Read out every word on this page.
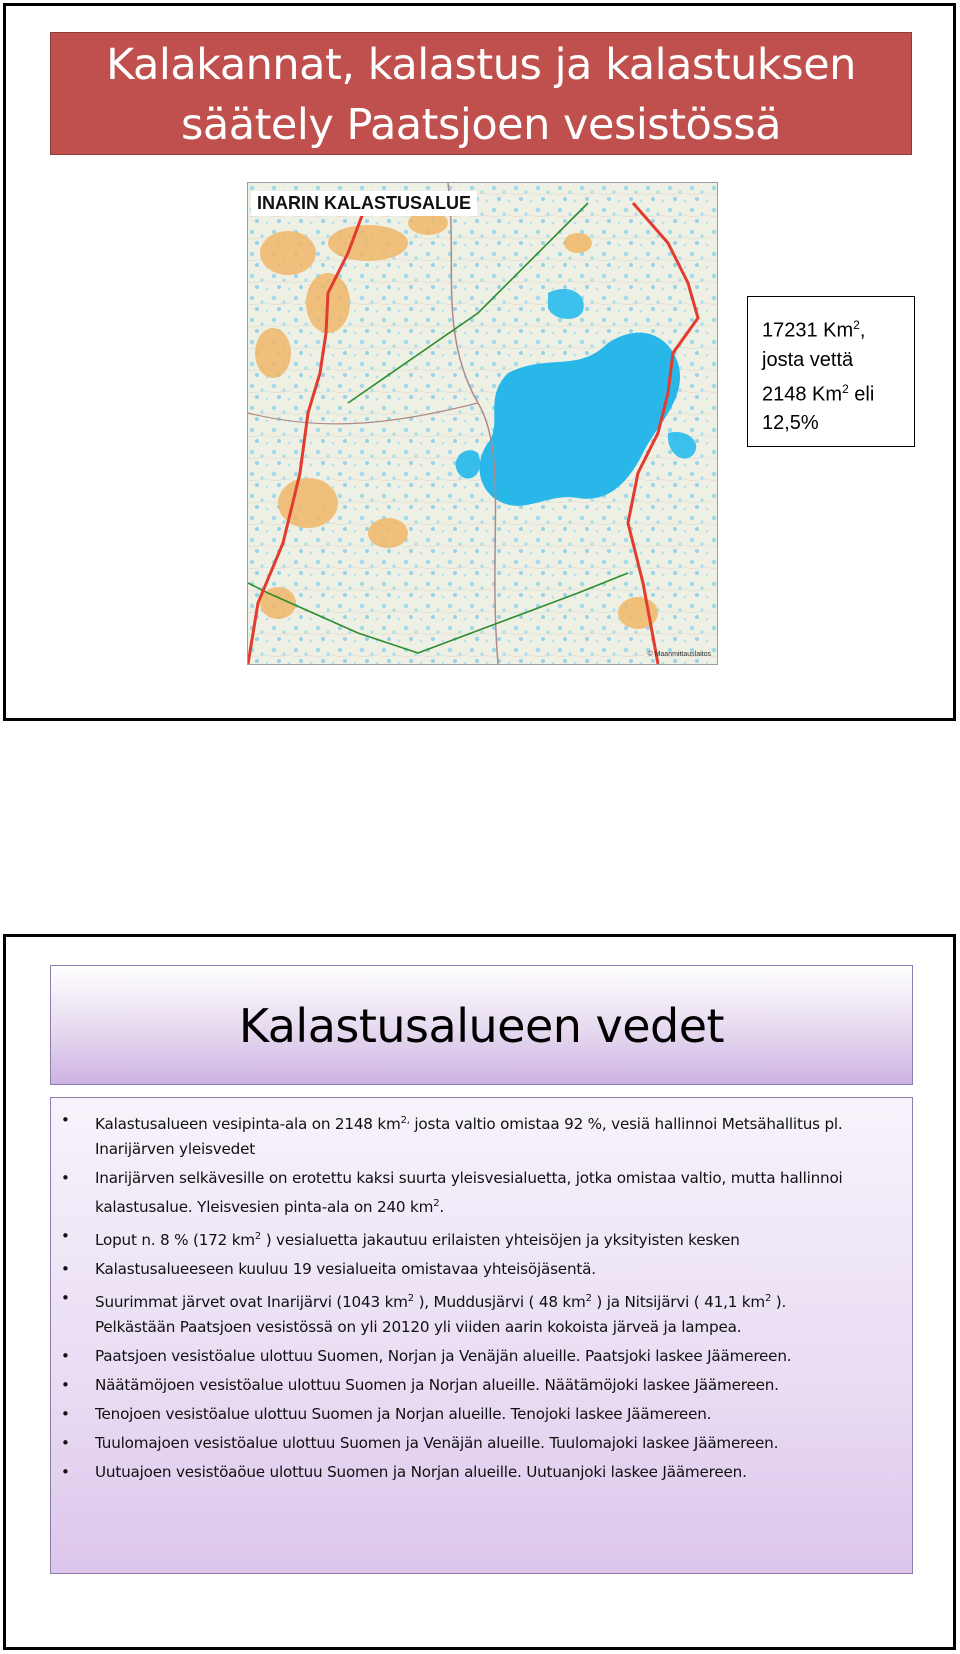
Kalakannat, kalastus ja kalastuksen
säätely Paatsjoen vesistössä
INARIN KALASTUSALUE
© Maanmittauslaitos
17231 Km$^2$,
josta vettä
2148 Km$^2$ eli
12,5%
Kalastusalueen vedet
• Kalastusalueen vesipinta-ala on 2148 $km^{2,}$ josta valtio omistaa 92 %, vesiä hallinnoi Metsähallitus pl. Inarijärven yleisvedet
• Inarijärven selkävesille on erotettu kaksi suurta yleisvesialuetta, jotka omistaa valtio, mutta hallinnoi kalastusalue. Yleisvesien pinta-ala on 240 $km^2$.
• Loput n. 8 % (172 $km^2$ ) vesialuetta jakautuu erilaisten yhteisöjen ja yksityisten kesken
• Kalastusalueeseen kuuluu 19 vesialueita omistavaa yhteisöjäsentä.
• Suurimmat järvet ovat Inarijärvi (1043 $km^2$ ), Muddusjärvi ( 48 $km^2$ ) ja Nitsijärvi ( 41,1 $km^2$ ).
Pelkästään Paatsjoen vesistössä on yli 20120 yli viiden aarin kokoista järveä ja lampea.
• Paatsjoen vesistöalue ulottuu Suomen, Norjan ja Venäjän alueille. Paatsjoki laskee Jäämereen.
• Näätämöjoen vesistöalue ulottuu Suomen ja Norjan alueille. Näätämöjoki laskee Jäämereen.
• Tenojoen vesistöalue ulottuu Suomen ja Norjan alueille. Tenojoki laskee Jäämereen.
• Tuulomajoen vesistöalue ulottuu Suomen ja Venäjän alueille. Tuulomajoki laskee Jäämereen.
• Uutuajoen vesistöaöue ulottuu Suomen ja Norjan alueille. Uutuanjoki laskee Jäämereen.
